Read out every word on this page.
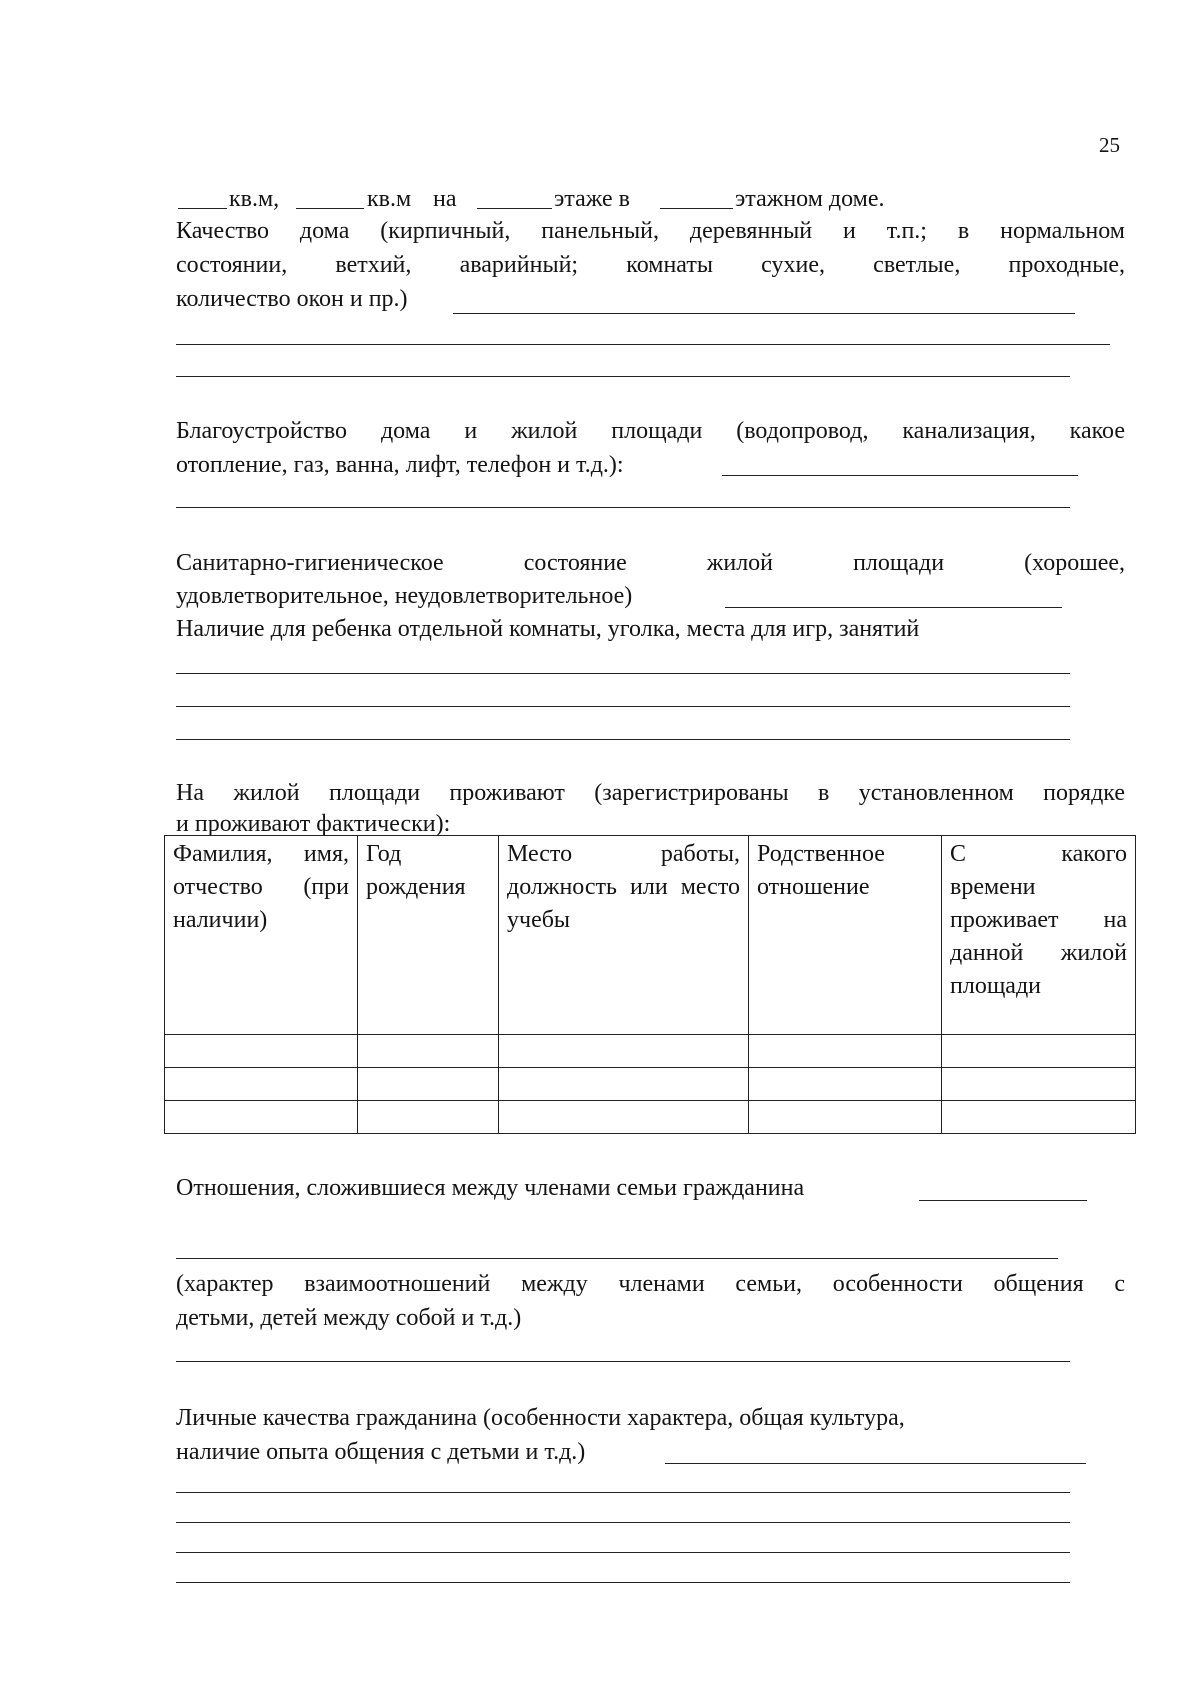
25
кв.м,	кв.м на	этаже в	этажном доме.
Качество дома (кирпичный, панельный, деревянный и т.п.; в нормальном
состоянии, ветхий, аварийный; комнаты сухие, светлые, проходные,
количество окон и пр.)
Благоустройство дома и жилой площади (водопровод, канализация, какое
отопление, газ, ванна, лифт, телефон и т.д.):
Санитарно-гигиеническое состояние жилой площади (хорошее,
удовлетворительное, неудовлетворительное)
Наличие для ребенка отдельной комнаты, уголка, места для игр, занятий
На жилой площади проживают (зарегистрированы в установленном порядке
и проживают фактически):
Фамилия, имя, отчество (при наличии)	Год рождения	Место работы, должность или место учебы	Родственное отношение	С какого времени проживает на данной жилой площади

Отношения, сложившиеся между членами семьи гражданина
(характер взаимоотношений между членами семьи, особенности общения с
детьми, детей между собой и т.д.)
Личные качества гражданина (особенности характера, общая культура,
наличие опыта общения с детьми и т.д.)
